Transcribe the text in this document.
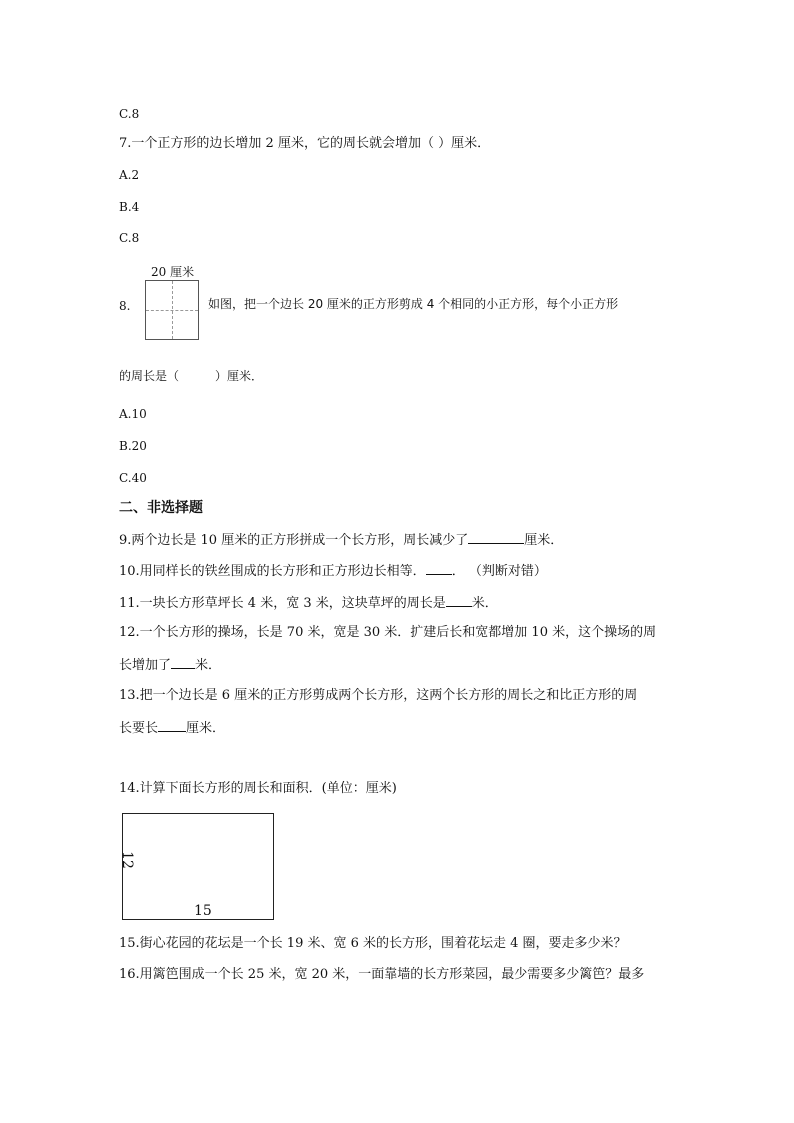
C.8
7.一个正方形的边长增加 2 厘米，它的周长就会增加（ ）厘米．
A.2
B.4
C.8
8.
20 厘米
如图，把一个边长 20 厘米的正方形剪成 4 个相同的小正方形，每个小正方形
的周长是（	）厘米．
A.10
B.20
C.40
二、非选择题
9.两个边长是 10 厘米的正方形拼成一个长方形，周长减少了	厘米．
10.用同样长的铁丝围成的长方形和正方形边长相等． ． （判断对错）
11.一块长方形草坪长 4 米，宽 3 米，这块草坪的周长是 米．
12.一个长方形的操场，长是 70 米，宽是 30 米．扩建后长和宽都增加 10 米，这个操场的周
长增加了 米．
13.把一个边长是 6 厘米的正方形剪成两个长方形，这两个长方形的周长之和比正方形的周
长要长 厘米．
14.计算下面长方形的周长和面积．(单位：厘米)
12
15
15.街心花园的花坛是一个长 19 米、宽 6 米的长方形，围着花坛走 4 圈，要走多少米？
16.用篱笆围成一个长 25 米，宽 20 米，一面靠墙的长方形菜园，最少需要多少篱笆？最多
